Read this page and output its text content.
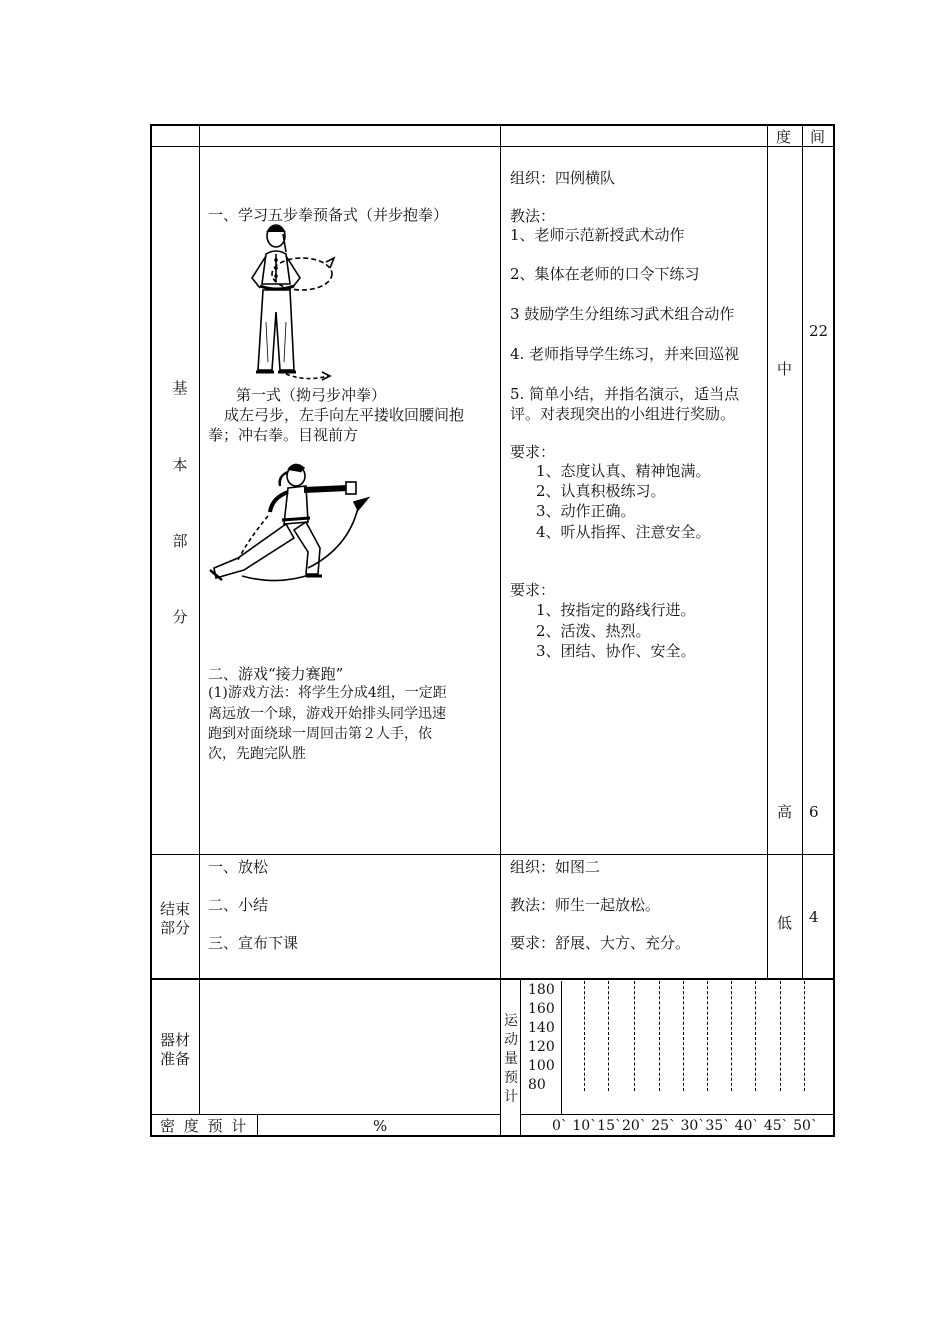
度 间
基
本
部
分
一、学习五步拳预备式（并步抱拳）
第一式（拗弓步冲拳）
成左弓步，左手向左平搂收回腰间抱
拳；冲右拳。目视前方
二、游戏“接力赛跑”
(1)游戏方法：将学生分成4组，一定距
离远放一个球，游戏开始排头同学迅速
跑到对面绕球一周回击第２人手，依
次，先跑完队胜
组织：四例横队
教法：
1、老师示范新授武术动作
2、集体在老师的口令下练习
3 鼓励学生分组练习武术组合动作
4. 老师指导学生练习，并来回巡视
5. 简单小结，并指名演示，适当点
评。对表现突出的小组进行奖励。
要求：
1、态度认真、精神饱满。
2、认真积极练习。
3、动作正确。
4、听从指挥、注意安全。
要求：
1、按指定的路线行进。
2、活泼、热烈。
3、团结、协作、安全。
中
22
高 6
结束
部分
一、放松
二、小结
三、宣布下课
组织：如图二
教法：师生一起放松。
要求：舒展、大方、充分。
低 4
器材
准备
密 度 预 计	%
运
动
量
预
计
180
160
140
120
100
80
0` 10`15`20` 25` 30`35` 40` 45` 50`
